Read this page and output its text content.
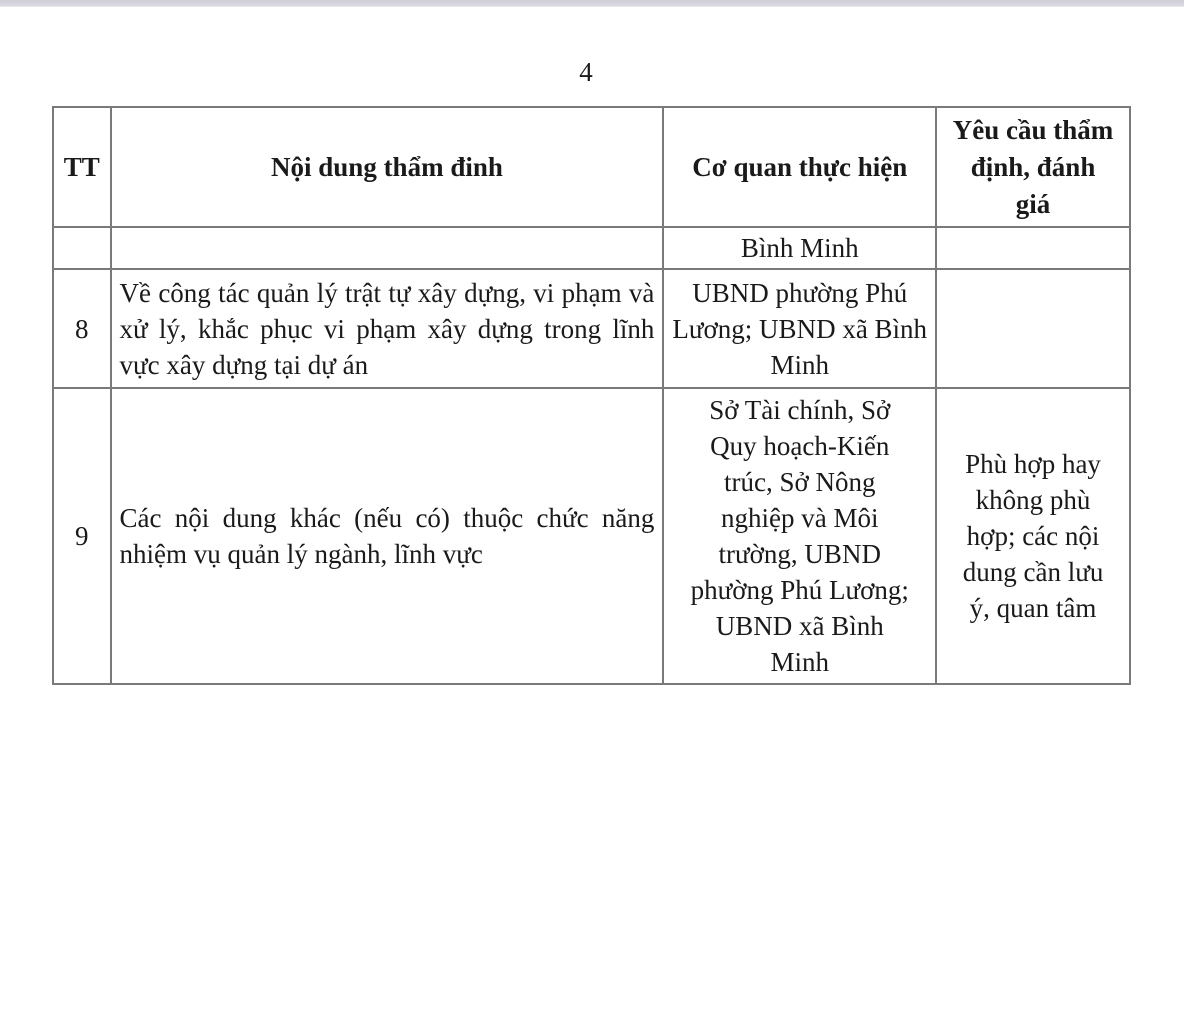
4
TT	Nội dung thẩm đinh	Cơ quan thực hiện	Yêu cầu thẩm định, đánh giá
		Bình Minh	
8	Về công tác quản lý trật tự xây dựng, vi phạm và xử lý, khắc phục vi phạm xây dựng trong lĩnh vực xây dựng tại dự án	UBND phường Phú Lương; UBND xã Bình Minh	
9	Các nội dung khác (nếu có) thuộc chức năng nhiệm vụ quản lý ngành, lĩnh vực	Sở Tài chính, Sở Quy hoạch-Kiến trúc, Sở Nông nghiệp và Môi trường, UBND phường Phú Lương; UBND xã Bình Minh	Phù hợp hay không phù hợp; các nội dung cần lưu ý, quan tâm
